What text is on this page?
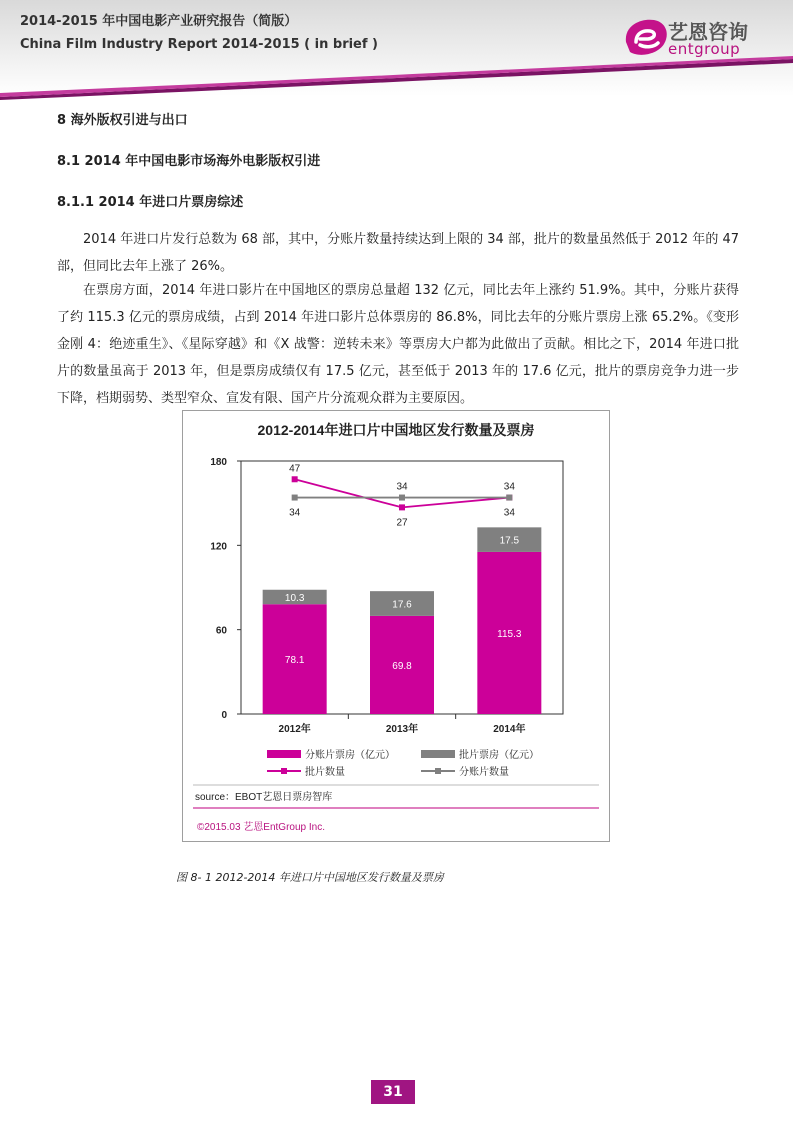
2014-2015 年中国电影产业研究报告（简版）
China Film Industry Report 2014-2015 ( in brief )
艺恩咨询
entgroup
8 海外版权引进与出口
8.1 2014 年中国电影市场海外电影版权引进
8.1.1 2014 年进口片票房综述

2014 年进口片发行总数为 68 部，其中，分账片数量持续达到上限的 34 部，批片的数量虽然低于 2012 年的 47 部，但同比去年上涨了 26%。

在票房方面，2014 年进口影片在中国地区的票房总量超 132 亿元，同比去年上涨约 51.9%。其中，分账片获得了约 115.3 亿元的票房成绩，占到 2014 年进口影片总体票房的 86.8%，同比去年的分账片票房上涨 65.2%。《变形金刚 4：绝迹重生》、《星际穿越》和《X 战警：逆转未来》等票房大户都为此做出了贡献。相比之下，2014 年进口批片的数量虽高于 2013 年，但是票房成绩仅有 17.5 亿元，甚至低于 2013 年的 17.6 亿元，批片的票房竞争力进一步下降，档期弱势、类型窄众、宣发有限、国产片分流观众群为主要原因。

2012-2014年进口片中国地区发行数量及票房
0
60
120
180
2012年	2013年	2014年
78.1
69.8
115.3
10.3
17.6
17.5
47
27
34
34
34
34
分账片票房（亿元）	批片票房（亿元）
批片数量	分账片数量
source：EBOT艺恩日票房智库
©2015.03 艺恩EntGroup Inc.
图 8- 1 2012-2014 年进口片中国地区发行数量及票房
31
